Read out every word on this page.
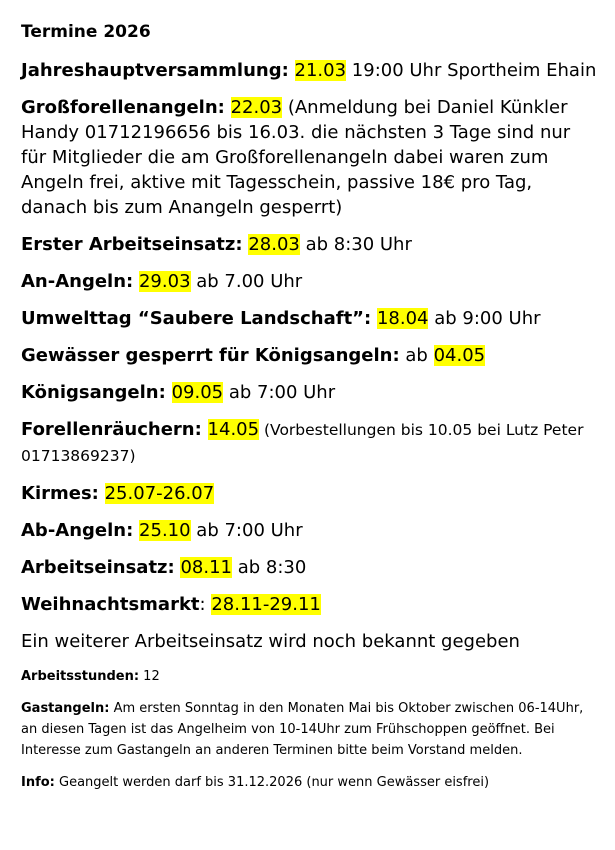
Termine 2026
Jahreshauptversammlung: 21.03 19:00 Uhr Sportheim Ehain
Großforellenangeln: 22.03 (Anmeldung bei Daniel Künkler Handy 01712196656 bis 16.03. die nächsten 3 Tage sind nur für Mitglieder die am Großforellenangeln dabei waren zum Angeln frei, aktive mit Tagesschein, passive 18€ pro Tag, danach bis zum Anangeln gesperrt)
Erster Arbeitseinsatz: 28.03 ab 8:30 Uhr
An-Angeln: 29.03 ab 7.00 Uhr
Umwelttag “Saubere Landschaft”: 18.04 ab 9:00 Uhr
Gewässer gesperrt für Königsangeln: ab 04.05
Königsangeln: 09.05 ab 7:00 Uhr
Forellenräuchern: 14.05 (Vorbestellungen bis 10.05 bei Lutz Peter 01713869237)
Kirmes: 25.07-26.07
Ab-Angeln: 25.10 ab 7:00 Uhr
Arbeitseinsatz: 08.11 ab 8:30
Weihnachtsmarkt: 28.11-29.11
Ein weiterer Arbeitseinsatz wird noch bekannt gegeben
Arbeitsstunden: 12
Gastangeln: Am ersten Sonntag in den Monaten Mai bis Oktober zwischen 06-14Uhr, an diesen Tagen ist das Angelheim von 10-14Uhr zum Frühschoppen geöffnet. Bei Interesse zum Gastangeln an anderen Terminen bitte beim Vorstand melden.
Info: Geangelt werden darf bis 31.12.2026 (nur wenn Gewässer eisfrei)
